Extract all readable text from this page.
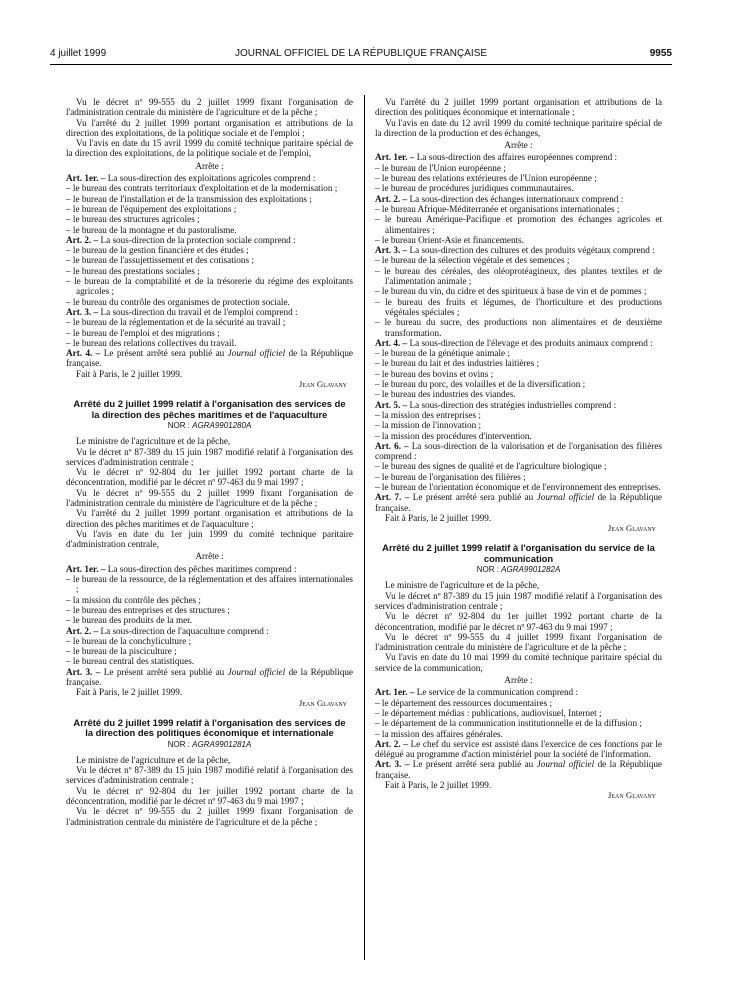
4 juillet 1999	JOURNAL OFFICIEL DE LA RÉPUBLIQUE FRANÇAISE	9955

Vu le décret nº 99-555 du 2 juillet 1999 fixant l'organisation de l'administration centrale du ministère de l'agriculture et de la pêche ;

Vu l'arrêté du 2 juillet 1999 portant organisation et attributions de la direction des exploitations, de la politique sociale et de l'emploi ;

Vu l'avis en date du 15 avril 1999 du comité technique paritaire spécial de la direction des exploitations, de la politique sociale et de l'emploi,

Arrête :

Art. 1er. – La sous-direction des exploitations agricoles comprend :

– le bureau des contrats territoriaux d'exploitation et de la modernisation ;
– le bureau de l'installation et de la transmission des exploitations ;
– le bureau de l'équipement des exploitations ;
– le bureau des structures agricoles ;
– le bureau de la montagne et du pastoralisme.

Art. 2. – La sous-direction de la protection sociale comprend :

– le bureau de la gestion financière et des études ;
– le bureau de l'assujettissement et des cotisations ;
– le bureau des prestations sociales ;
– le bureau de la comptabilité et de la trésorerie du régime des exploitants agricoles ;
– le bureau du contrôle des organismes de protection sociale.

Art. 3. – La sous-direction du travail et de l'emploi comprend :

– le bureau de la réglementation et de la sécurité au travail ;
– le bureau de l'emploi et des migrations ;
– le bureau des relations collectives du travail.

Art. 4. – Le présent arrêté sera publié au Journal officiel de la République française.

Fait à Paris, le 2 juillet 1999.

Jean Glavany
Arrêté du 2 juillet 1999 relatif à l'organisation des services de la direction des pêches maritimes et de l'aquaculture
NOR : AGRA9901280A

Le ministre de l'agriculture et de la pêche,

Vu le décret nº 87-389 du 15 juin 1987 modifié relatif à l'organisation des services d'administration centrale ;

Vu le décret nº 92-804 du 1er juillet 1992 portant charte de la déconcentration, modifié par le décret nº 97-463 du 9 mai 1997 ;

Vu le décret nº 99-555 du 2 juillet 1999 fixant l'organisation de l'administration centrale du ministère de l'agriculture et de la pêche ;

Vu l'arrêté du 2 juillet 1999 portant organisation et attributions de la direction des pêches maritimes et de l'aquaculture ;

Vu l'avis en date du 1er juin 1999 du comité technique paritaire d'administration centrale,

Arrête :

Art. 1er. – La sous-direction des pêches maritimes comprend :

– le bureau de la ressource, de la réglementation et des affaires internationales ;
– la mission du contrôle des pêches ;
– le bureau des entreprises et des structures ;
– le bureau des produits de la mer.

Art. 2. – La sous-direction de l'aquaculture comprend :

– le bureau de la conchyliculture ;
– le bureau de la pisciculture ;
– le bureau central des statistiques.

Art. 3. – Le présent arrêté sera publié au Journal officiel de la République française.

Fait à Paris, le 2 juillet 1999.

Jean Glavany
Arrêté du 2 juillet 1999 relatif à l'organisation des services de la direction des politiques économique et internationale
NOR : AGRA9901281A

Le ministre de l'agriculture et de la pêche,

Vu le décret nº 87-389 du 15 juin 1987 modifié relatif à l'organisation des services d'administration centrale ;

Vu le décret nº 92-804 du 1er juillet 1992 portant charte de la déconcentration, modifié par le décret nº 97-463 du 9 mai 1997 ;

Vu le décret nº 99-555 du 2 juillet 1999 fixant l'organisation de l'administration centrale du ministère de l'agriculture et de la pêche ;

Vu l'arrêté du 2 juillet 1999 portant organisation et attributions de la direction des politiques économique et internationale ;

Vu l'avis en date du 12 avril 1999 du comité technique paritaire spécial de la direction de la production et des échanges,

Arrête :

Art. 1er. – La sous-direction des affaires européennes comprend :

– le bureau de l'Union européenne ;
– le bureau des relations extérieures de l'Union européenne ;
– le bureau de procédures juridiques communautaires.

Art. 2. – La sous-direction des échanges internationaux comprend :

– le bureau Afrique-Méditerranée et organisations internationales ;
– le bureau Amérique-Pacifique et promotion des échanges agricoles et alimentaires ;
– le bureau Orient-Asie et financements.

Art. 3. – La sous-direction des cultures et des produits végétaux comprend :

– le bureau de la sélection végétale et des semences ;
– le bureau des céréales, des oléoprotéagineux, des plantes textiles et de l'alimentation animale ;
– le bureau du vin, du cidre et des spiritueux à base de vin et de pommes ;
– le bureau des fruits et légumes, de l'horticulture et des productions végétales spéciales ;
– le bureau du sucre, des productions non alimentaires et de deuxième transformation.

Art. 4. – La sous-direction de l'élevage et des produits animaux comprend :

– le bureau de la génétique animale ;
– le bureau du lait et des industries laitières ;
– le bureau des bovins et ovins ;
– le bureau du porc, des volailles et de la diversification ;
– le bureau des industries des viandes.

Art. 5. – La sous-direction des stratégies industrielles comprend :

– la mission des entreprises ;
– la mission de l'innovation ;
– la mission des procédures d'intervention.

Art. 6. – La sous-direction de la valorisation et de l'organisation des filières comprend :

– le bureau des signes de qualité et de l'agriculture biologique ;
– le bureau de l'organisation des filières ;
– le bureau de l'orientation économique et de l'environnement des entreprises.

Art. 7. – Le présent arrêté sera publié au Journal officiel de la République française.

Fait à Paris, le 2 juillet 1999.

Jean Glavany
Arrêté du 2 juillet 1999 relatif à l'organisation du service de la communication
NOR : AGRA9901282A

Le ministre de l'agriculture et de la pêche,

Vu le décret nº 87-389 du 15 juin 1987 modifié relatif à l'organisation des services d'administration centrale ;

Vu le décret nº 92-804 du 1er juillet 1992 portant charte de la déconcentration, modifié par le décret nº 97-463 du 9 mai 1997 ;

Vu le décret nº 99-555 du 4 juillet 1999 fixant l'organisation de l'administration centrale du ministère de l'agriculture et de la pêche ;

Vu l'avis en date du 10 mai 1999 du comité technique paritaire spécial du service de la communication,

Arrête :

Art. 1er. – Le service de la communication comprend :

– le département des ressources documentaires ;
– le département médias : publications, audiovisuel, Internet ;
– le département de la communication institutionnelle et de la diffusion ;
– la mission des affaires générales.

Art. 2. – Le chef du service est assisté dans l'exercice de ces fonctions par le délégué au programme d'action ministériel pour la société de l'information.

Art. 3. – Le présent arrêté sera publié au Journal officiel de la République française.

Fait à Paris, le 2 juillet 1999.

Jean Glavany
